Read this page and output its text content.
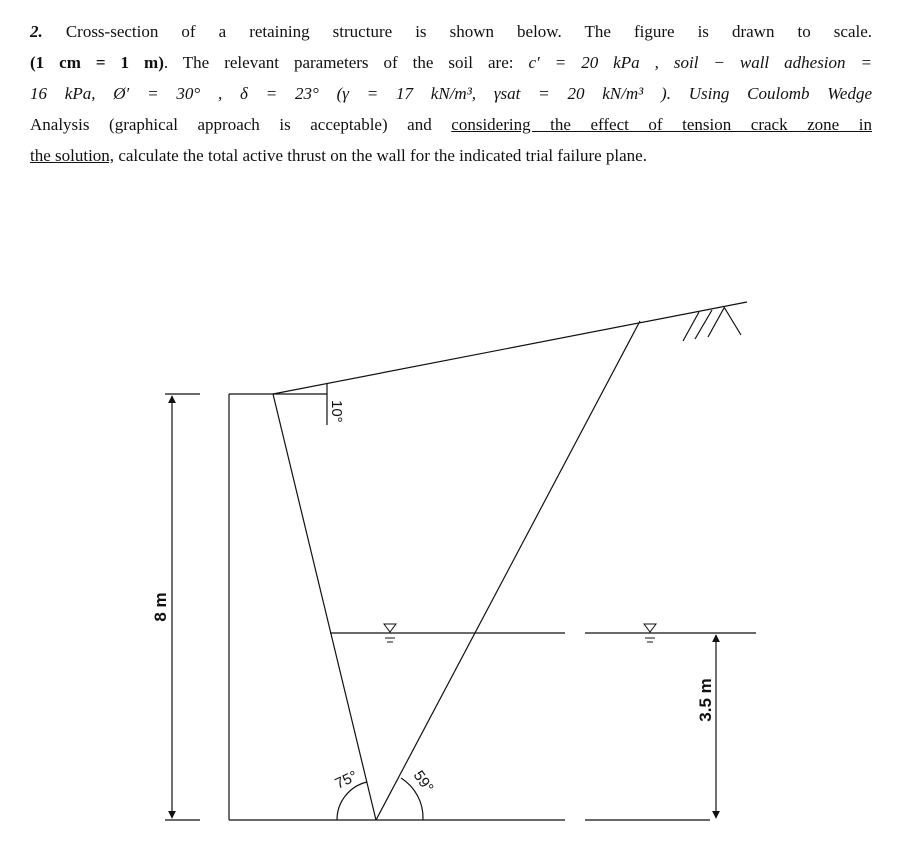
2. Cross-section of a retaining structure is shown below. The figure is drawn to scale.
(1 cm = 1 m). The relevant parameters of the soil are: c′ = 20 kPa , soil − wall adhesion =
16 kPa, Ø′ = 30° , δ = 23° (γ = 17 kN/m³, γsat = 20 kN/m³ ). Using Coulomb Wedge
Analysis (graphical approach is acceptable) and considering the effect of tension crack zone in
the solution, calculate the total active thrust on the wall for the indicated trial failure plane.
8 m
3.5 m
10°
75°	59°
